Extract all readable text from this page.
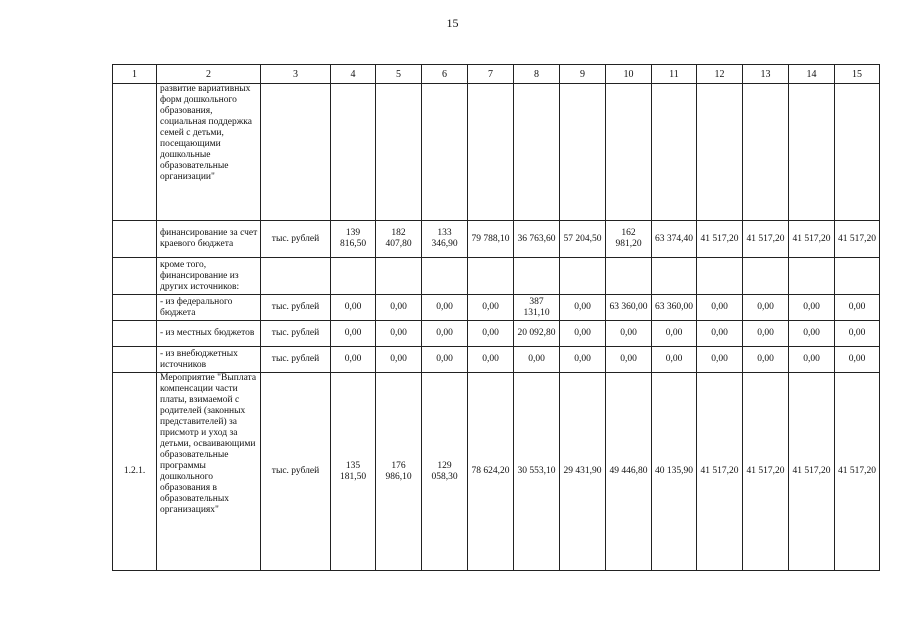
15
1	2	3	4	5	6	7	8	9	10	11	12	13	14	15
	развитие вариативных форм дошкольного образования, социальная поддержка семей с детьми, посещающими дошкольные образовательные организации"													
	финансирование за счет краевого бюджета	тыс. рублей	139 816,50	182 407,80	133 346,90	79 788,10	36 763,60	57 204,50	162 981,20	63 374,40	41 517,20	41 517,20	41 517,20	41 517,20
	кроме того, финансирование из других источников:													
	- из федерального бюджета	тыс. рублей	0,00	0,00	0,00	0,00	387 131,10	0,00	63 360,00	63 360,00	0,00	0,00	0,00	0,00
	- из местных бюджетов	тыс. рублей	0,00	0,00	0,00	0,00	20 092,80	0,00	0,00	0,00	0,00	0,00	0,00	0,00
	- из внебюджетных источников	тыс. рублей	0,00	0,00	0,00	0,00	0,00	0,00	0,00	0,00	0,00	0,00	0,00	0,00
1.2.1.	Мероприятие "Выплата компенсации части платы, взимаемой с родителей (законных представителей) за присмотр и уход за детьми, осваивающими образовательные программы дошкольного образования в образовательных организациях"	тыс. рублей	135 181,50	176 986,10	129 058,30	78 624,20	30 553,10	29 431,90	49 446,80	40 135,90	41 517,20	41 517,20	41 517,20	41 517,20
